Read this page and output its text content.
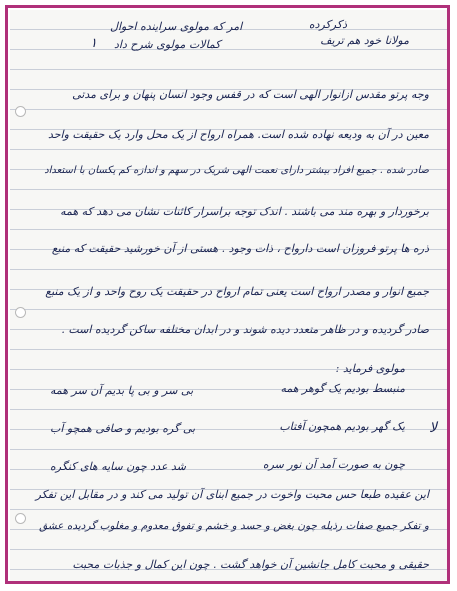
۱
امر که مولوی سراینده احوال
کمالات مولوی شرح داد
ذکرکرده
مولانا خود هم تریف
وجه پرتو مقدس ازانوار الهی است که در قفس وجود انسان پنهان و برای مدتی
معین در آن به ودیعه نهاده شده است. همراه ارواح از یک محل وارد یک حقیقت واحد
صادر شده . جمیع افراد بیشتر دارای نعمت الهی شریک در سهم و اندازه کم یکسان با استعداد
برخوردار و بهره مند می باشند . اندک توجه براسرار کائنات نشان می دهد که همه
ذره ها پرتو فروزان است دارواح ، ذات وجود . هستی از آن خورشید حقیقت که منبع
جمیع انوار و مصدر ارواح است یعنی تمام ارواح در حقیقت یک روح واحد و از یک منبع
صادر گردیده و در ظاهر متعدد دیده شوند و در ابدان مختلفه ساکن گردیده است .
مولوی فرماید :
منبسط بودیم یک گوهر همه
بی سر و بی پا بدیم آن سر همه
یک گهر بودیم همچون آفتاب
بی گره بودیم و صافی همچو آب
چون به صورت آمد آن نور سره
شد عدد چون سایه های کنگره
ﻻ
این عقیده طبعا حس محبت واخوت در جمیع ابنای آن تولید می کند و در مقابل این تفکر
و تفکر جمیع صفات رذیله چون بغض و حسد و خشم و تفوق معدوم و مغلوب گردیده عشق
حقیقی و محبت کامل جانشین آن خواهد گشت . چون این کمال و جذبات محبت
